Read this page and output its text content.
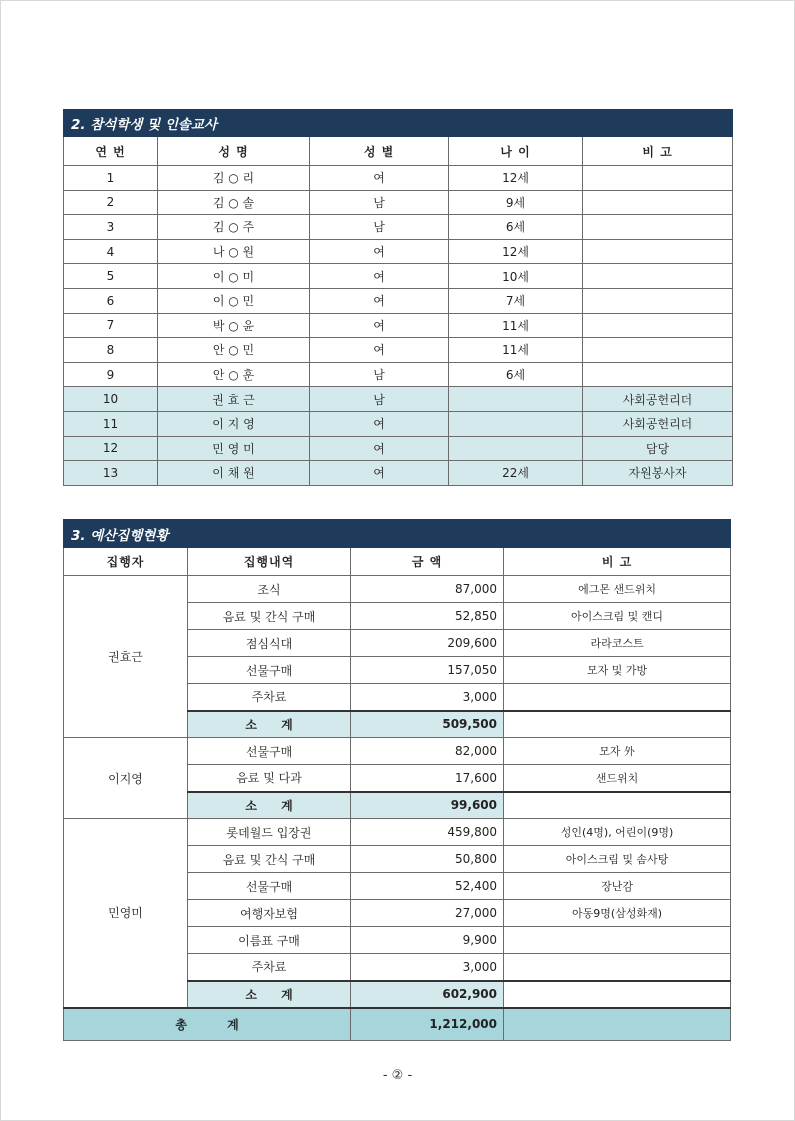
2. 참석학생 및 인솔교사				
연 번	성 명	성 별	나 이	비 고
1	김 ○ 리	여	12세	
2	김 ○ 솔	남	9세	
3	김 ○ 주	남	6세	
4	나 ○ 원	여	12세	
5	이 ○ 미	여	10세	
6	이 ○ 민	여	7세	
7	박 ○ 윤	여	11세	
8	안 ○ 민	여	11세	
9	안 ○ 훈	남	6세	
10	권 효 근	남		사회공헌리더
11	이 지 영	여		사회공헌리더
12	민 영 미	여		담당
13	이 채 원	여	22세	자원봉사자
3. 예산집행현황			
집행자	집행내역	금 액	비 고
권효근	조식	87,000	에그몬 샌드위치
	음료 및 간식 구매	52,850	아이스크림 및 캔디
	점심식대	209,600	라라코스트
	선물구매	157,050	모자 및 가방
	주차료	3,000	
	소 계	509,500	
이지영	선물구매	82,000	모자 外
	음료 및 다과	17,600	샌드위치
	소 계	99,600	
민영미	롯데월드 입장권	459,800	성인(4명), 어린이(9명)
	음료 및 간식 구매	50,800	아이스크림 및 솜사탕
	선물구매	52,400	장난감
	여행자보험	27,000	아동9명(삼성화재)
	이름표 구매	9,900	
	주차료	3,000	
	소 계	602,900	
총 계		1,212,000	
- ② -
